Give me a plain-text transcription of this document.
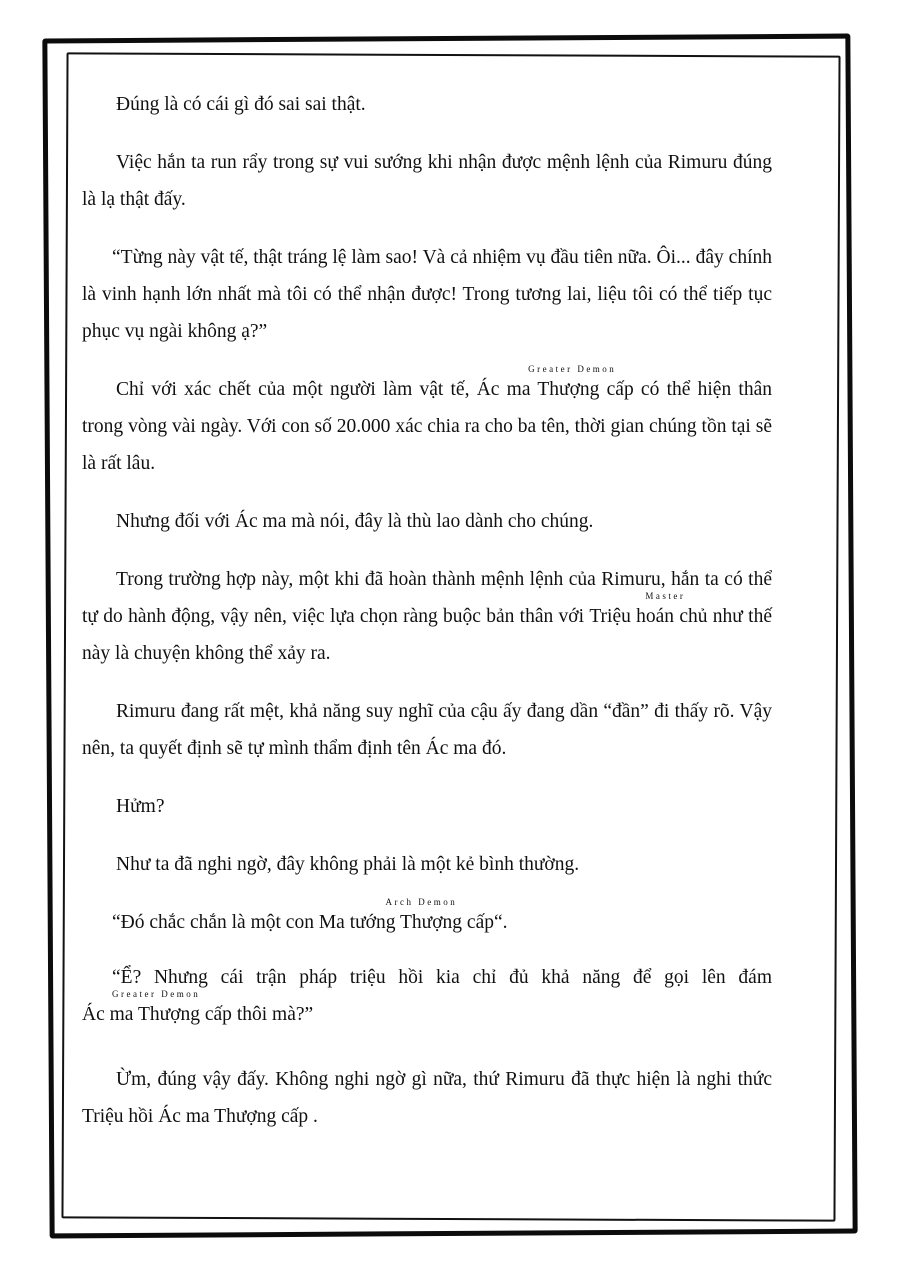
Đúng là có cái gì đó sai sai thật.

Việc hắn ta run rẩy trong sự vui sướng khi nhận được mệnh lệnh của Rimuru đúng là lạ thật đấy.

“Từng này vật tế, thật tráng lệ làm sao! Và cả nhiệm vụ đầu tiên nữa. Ôi... đây chính là vinh hạnh lớn nhất mà tôi có thể nhận được! Trong tương lai, liệu tôi có thể tiếp tục phục vụ ngài không ạ?”

Chỉ với xác chết của một người làm vật tế,
Greater Demon
Ác ma Thượng cấp có thể hiện thân trong vòng vài ngày. Với con số 20.000 xác chia ra cho ba tên, thời gian chúng tồn tại sẽ là rất lâu.

Nhưng đối với Ác ma mà nói, đây là thù lao dành cho chúng.

Trong trường hợp này, một khi đã hoàn thành mệnh lệnh của Rimuru, hắn ta có thể tự do hành động, vậy nên, việc lựa chọn ràng buộc bản thân với
Master
Triệu hoán chủ như thế này là chuyện không thể xảy ra.

Rimuru đang rất mệt, khả năng suy nghĩ của cậu ấy đang dần “đần” đi thấy rõ. Vậy nên, ta quyết định sẽ tự mình thẩm định tên Ác ma đó.

Hửm?

Như ta đã nghi ngờ, đây không phải là một kẻ bình thường.

“Đó chắc chắn là một con
Arch Demon
Ma tướng Thượng cấp“.

“Ể? Nhưng cái trận pháp triệu hồi kia chỉ đủ khả năng để gọi lên đám
Greater Demon
Ác ma Thượng cấp thôi mà?”

Ừm, đúng vậy đấy. Không nghi ngờ gì nữa, thứ Rimuru đã thực hiện là nghi thức Triệu hồi Ác ma Thượng cấp .
